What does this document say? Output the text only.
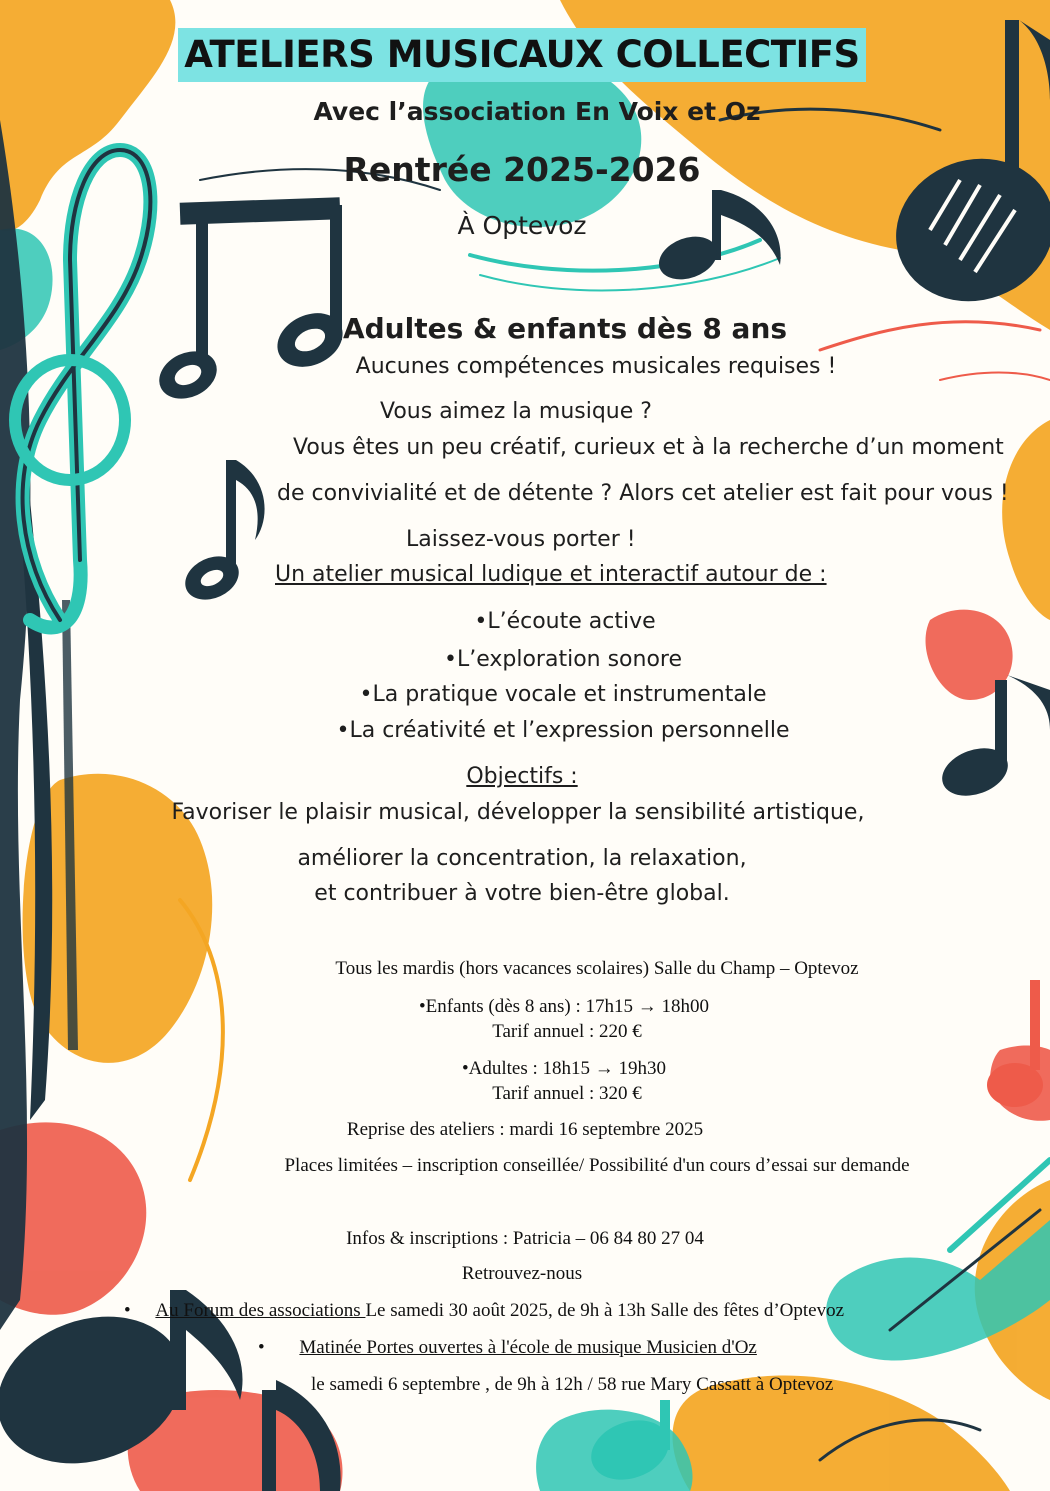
ATELIERS MUSICAUX COLLECTIFS
Avec l’association En Voix et Oz
Rentrée 2025-2026
À Optevoz
Adultes & enfants dès 8 ans
Aucunes compétences musicales requises !
Vous aimez la musique ?
Vous êtes un peu créatif, curieux et à la recherche d’un moment
de convivialité et de détente ? Alors cet atelier est fait pour vous !
Laissez-vous porter !
Un atelier musical ludique et interactif autour de :
•L’écoute active
•L’exploration sonore
•La pratique vocale et instrumentale
•La créativité et l’expression personnelle
Objectifs :
Favoriser le plaisir musical, développer la sensibilité artistique,
améliorer la concentration, la relaxation,
et contribuer à votre bien-être global.
Tous les mardis (hors vacances scolaires) Salle du Champ – Optevoz
•Enfants (dès 8 ans) : 17h15 → 18h00
Tarif annuel : 220 €
•Adultes : 18h15 → 19h30
Tarif annuel : 320 €
Reprise des ateliers : mardi 16 septembre 2025
Places limitées – inscription conseillée/ Possibilité d'un cours d’essai sur demande
Infos & inscriptions : Patricia – 06 84 80 27 04
Retrouvez-nous
• Au Forum des associations Le samedi 30 août 2025, de 9h à 13h Salle des fêtes d’Optevoz
• Matinée Portes ouvertes à l'école de musique Musicien d'Oz
le samedi 6 septembre , de 9h à 12h / 58 rue Mary Cassatt à Optevoz
